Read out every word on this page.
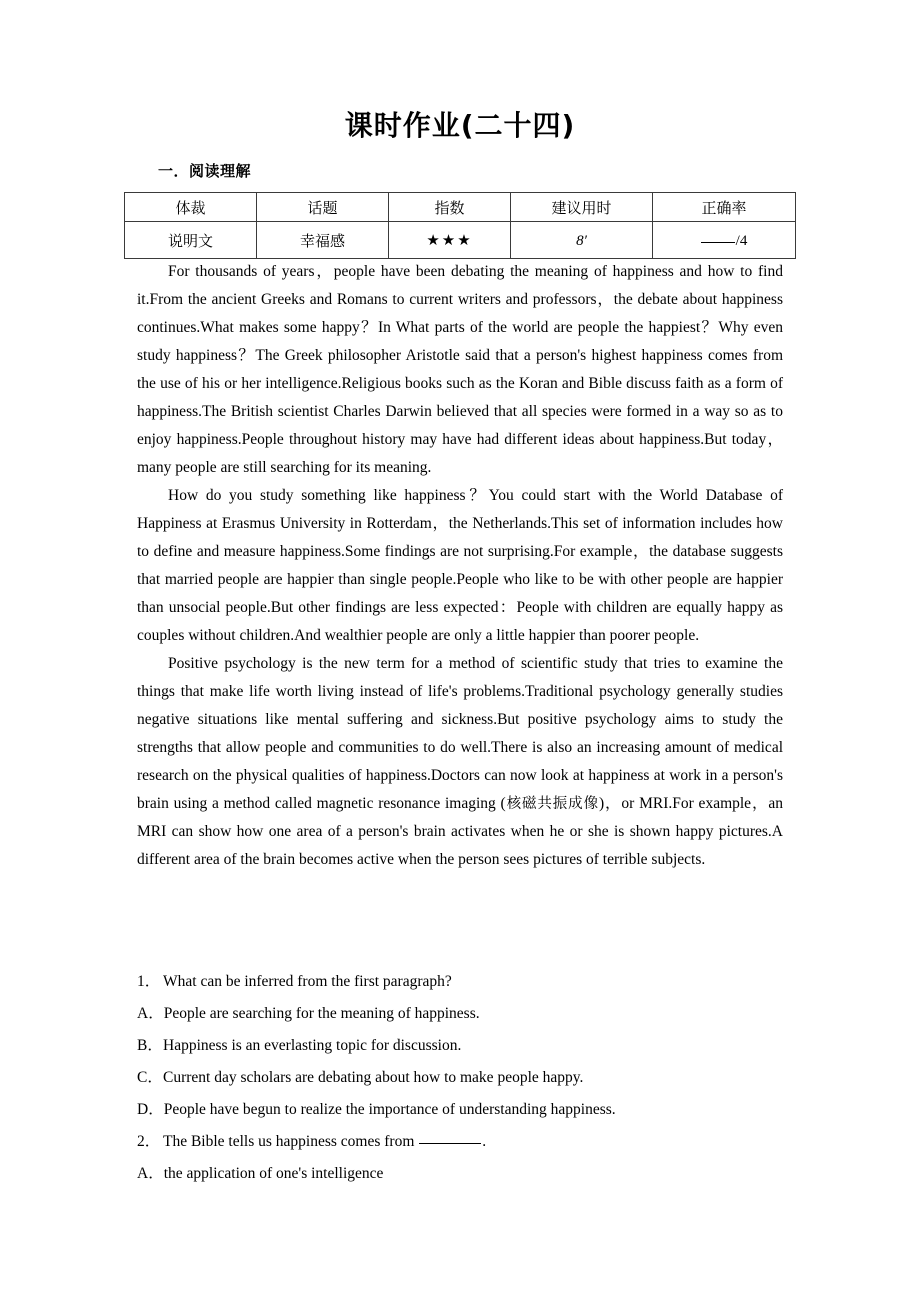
课时作业(二十四)
一．阅读理解
体裁	话题	指数	建议用时	正确率
说明文	幸福感	★★★	8′	/4

For thousands of years，people have been debating the meaning of happiness and how to find it.From the ancient Greeks and Romans to current writers and professors，the debate about happiness continues.What makes some happy？In What parts of the world are people the happiest？Why even study happiness？The Greek philosopher Aristotle said that a person's highest happiness comes from the use of his or her intelligence.Religious books such as the Koran and Bible discuss faith as a form of happiness.The British scientist Charles Darwin believed that all species were formed in a way so as to enjoy happiness.People throughout history may have had different ideas about happiness.But today，many people are still searching for its meaning.

How do you study something like happiness？You could start with the World Database of Happiness at Erasmus University in Rotterdam，the Netherlands.This set of information includes how to define and measure happiness.Some findings are not surprising.For example，the database suggests that married people are happier than single people.People who like to be with other people are happier than unsocial people.But other findings are less expected：People with children are equally happy as couples without children.And wealthier people are only a little happier than poorer people.

Positive psychology is the new term for a method of scientific study that tries to examine the things that make life worth living instead of life's problems.Traditional psychology generally studies negative situations like mental suffering and sickness.But positive psychology aims to study the strengths that allow people and communities to do well.There is also an increasing amount of medical research on the physical qualities of happiness.Doctors can now look at happiness at work in a person's brain using a method called magnetic resonance imaging (核磁共振成像)，or MRI.For example，an MRI can show how one area of a person's brain activates when he or she is shown happy pictures.A different area of the brain becomes active when the person sees pictures of terrible subjects.

1． What can be inferred from the first paragraph?
A．People are searching for the meaning of happiness.
B．Happiness is an everlasting topic for discussion.
C．Current day scholars are debating about how to make people happy.
D．People have begun to realize the importance of understanding happiness.
2． The Bible tells us happiness comes from	.
A．the application of one's intelligence
